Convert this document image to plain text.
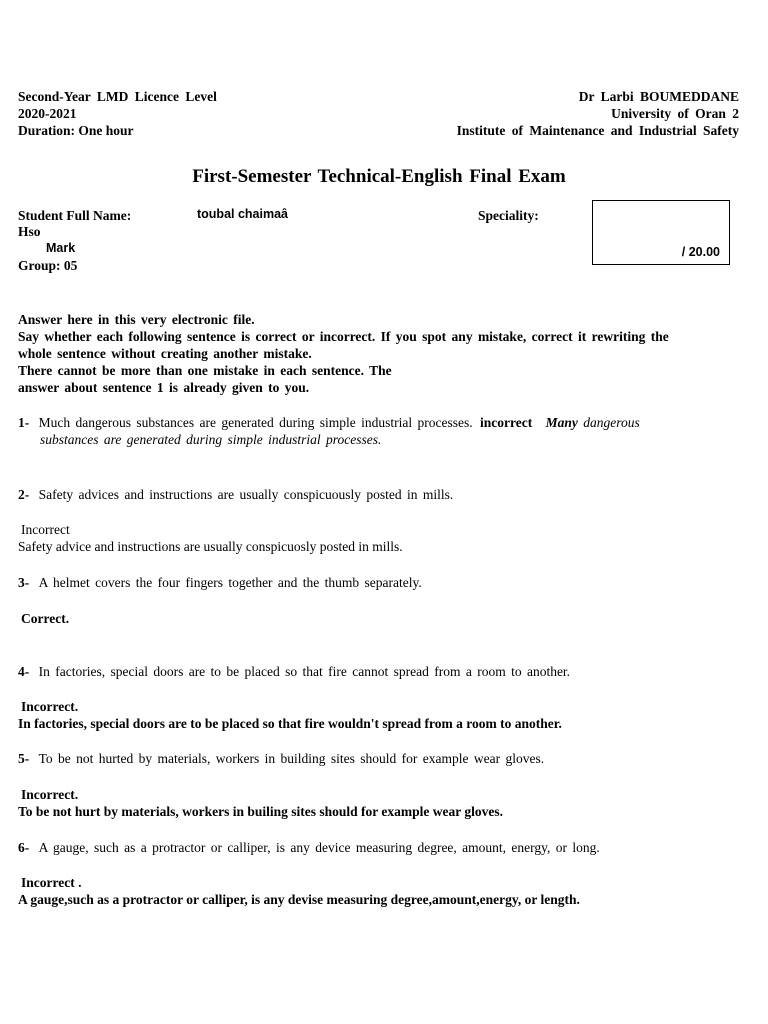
Second-Year LMD Licence Level
2020-2021
Duration: One hour
Dr Larbi BOUMEDDANE
University of Oran 2
Institute of Maintenance and Industrial Safety
First-Semester Technical-English Final Exam
Student Full Name:	toubal chaimaâ	Speciality:
Hso
Mark
Group: 05
/ 20.00
Answer here in this very electronic file.
Say whether each following sentence is correct or incorrect. If you spot any mistake, correct it rewriting the
whole sentence without creating another mistake.
There cannot be more than one mistake in each sentence. The
answer about sentence 1 is already given to you.
1- Much dangerous substances are generated during simple industrial processes. incorrect Many dangerous
substances are generated during simple industrial processes.
2- Safety advices and instructions are usually conspicuously posted in mills.
Incorrect
Safety advice and instructions are usually conspicuosly posted in mills.
3- A helmet covers the four fingers together and the thumb separately.
Correct.
4- In factories, special doors are to be placed so that fire cannot spread from a room to another.
Incorrect.
In factories, special doors are to be placed so that fire wouldn't spread from a room to another.
5- To be not hurted by materials, workers in building sites should for example wear gloves.
Incorrect.
To be not hurt by materials, workers in builing sites should for example wear gloves.
6- A gauge, such as a protractor or calliper, is any device measuring degree, amount, energy, or long.
Incorrect .
A gauge,such as a protractor or calliper, is any devise measuring degree,amount,energy, or length.
